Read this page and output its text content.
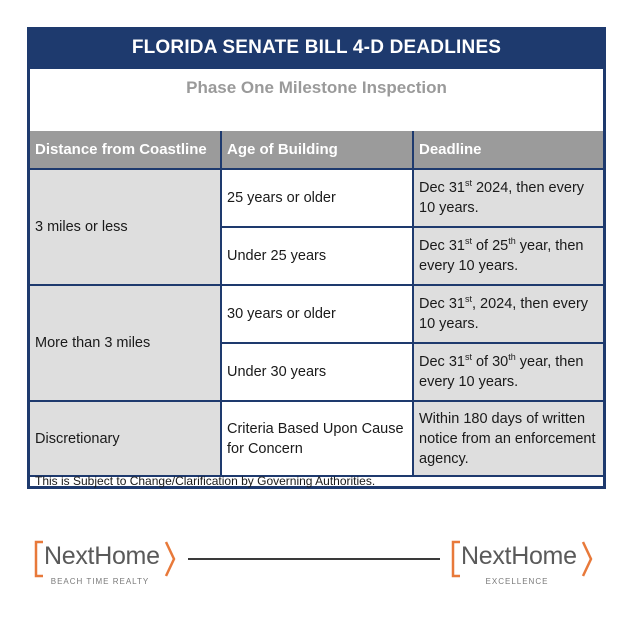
FLORIDA SENATE BILL 4-D DEADLINES
Phase One Milestone Inspection
Distance from Coastline	Age of Building	Deadline
3 miles or less	25 years or older	Dec 31st 2024, then every 10 years.
	Under 25 years	Dec 31st of 25th year, then every 10 years.
More than 3 miles	30 years or older	Dec 31st, 2024, then every 10 years.
	Under 30 years	Dec 31st of 30th year, then every 10 years.
Discretionary	Criteria Based Upon Cause for Concern	Within 180 days of written notice from an enforcement agency.
This is Subject to Change/Clarification by Governing Authorities.
NextHome
BEACH TIME REALTY
NextHome
EXCELLENCE
